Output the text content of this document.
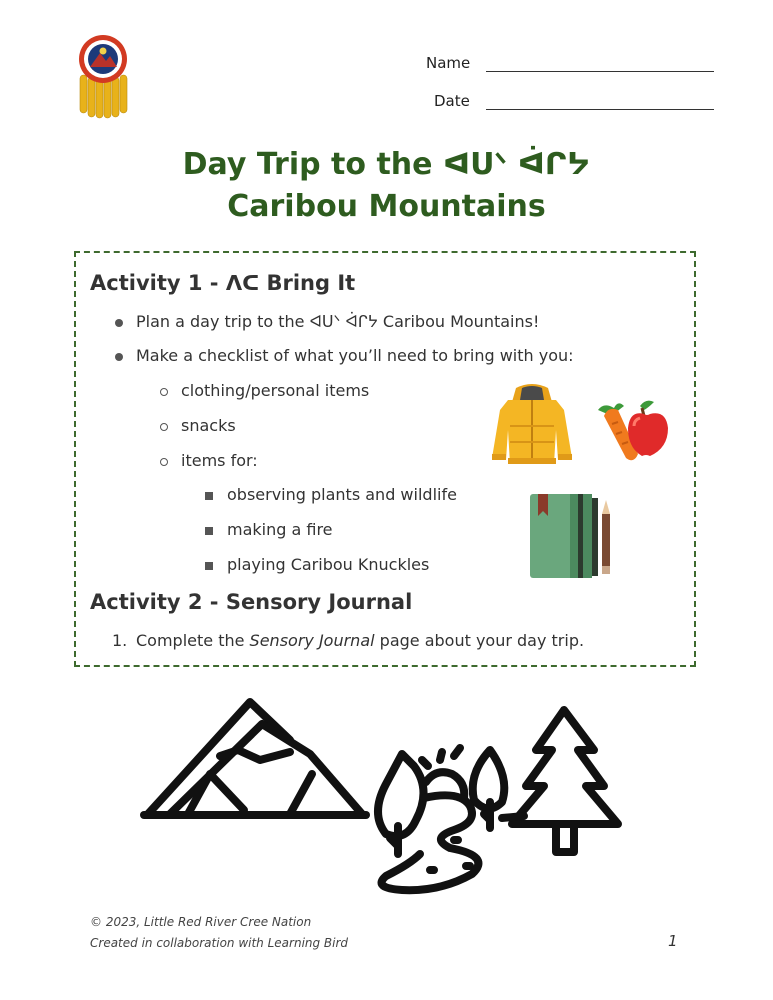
Name
Date
Day Trip to the ᐊᑌᐠ ᐋᒋᔭ
Caribou Mountains
Activity 1 - ᐱᑕ Bring It
Plan a day trip to the ᐊᑌᐠ ᐋᒋᔭ Caribou Mountains!
Make a checklist of what you’ll need to bring with you:
clothing/personal items
snacks
items for:
observing plants and wildlife
making a fire
playing Caribou Knuckles
Activity 2 - Sensory Journal
1. Complete the Sensory Journal page about your day trip.
© 2023, Little Red River Cree Nation
Created in collaboration with Learning Bird	1
